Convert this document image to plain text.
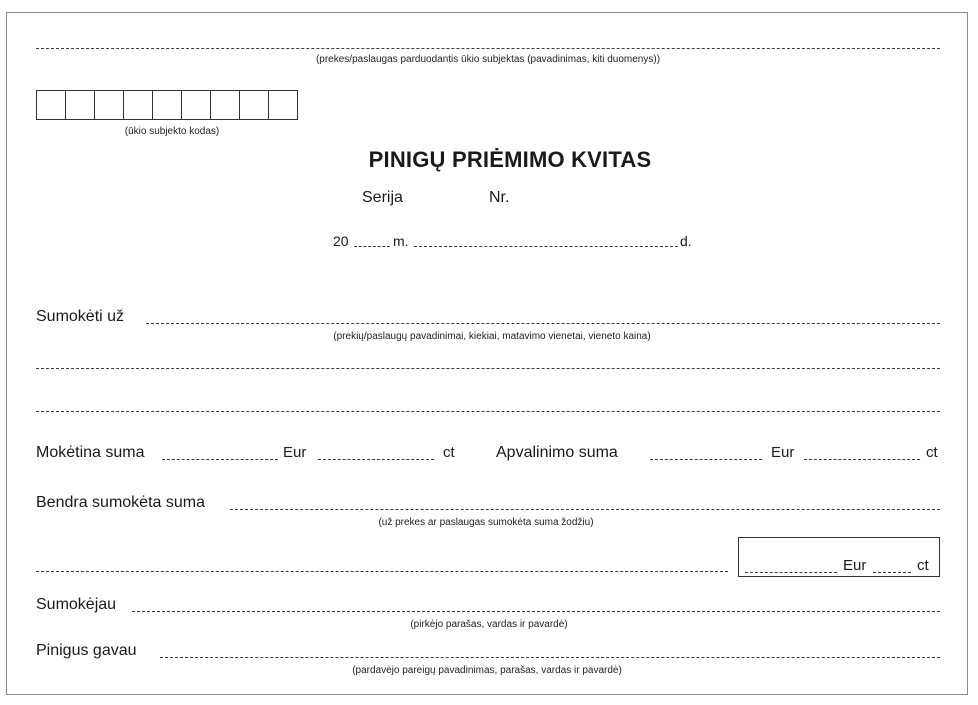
(prekes/paslaugas parduodantis ūkio subjektas (pavadinimas, kiti duomenys))
(ūkio subjekto kodas)
PINIGŲ PRIĖMIMO KVITAS
Serija	Nr.
20	m.	d.
Sumokėti už
(prekių/paslaugų pavadinimai, kiekiai, matavimo vienetai, vieneto kaina)
Mokėtina suma	Eur	ct	Apvalinimo suma	Eur	ct
Bendra sumokėta suma
(už prekes ar paslaugas sumokėta suma žodžiu)
Eur	ct
Sumokėjau
(pirkėjo parašas, vardas ir pavardė)
Pinigus gavau
(pardavėjo pareigų pavadinimas, parašas, vardas ir pavardė)
